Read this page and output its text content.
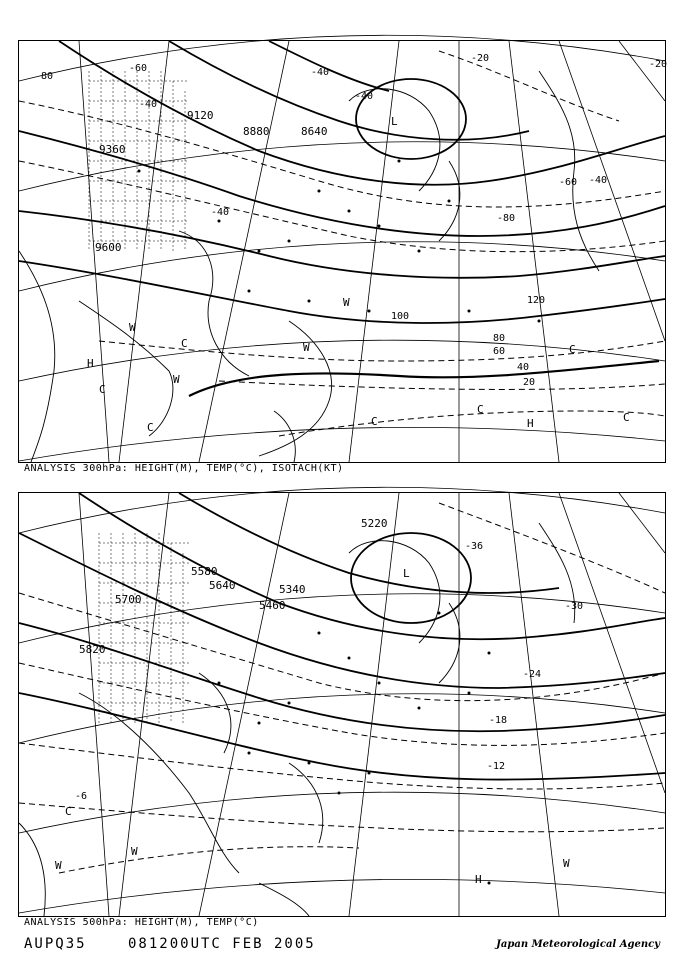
9120
8880	8640
9360
9600
-40
-20
-40
-60 -40
-80
-60
-40
-40
-20
80
120
100
80
60
40
20
L
H
C
W
W
W
C
C	C	H
C
C
W
C
ANALYSIS 300hPa: HEIGHT(M), TEMP(°C), ISOTACH(KT)
5220
5460
5580
5700
5820
5340
5640
-36
-30
-24
-18
-12
-6
L
H
C
W
W
W
ANALYSIS 500hPa: HEIGHT(M), TEMP(°C)
AUPQ35	081200UTC FEB 2005	Japan Meteorological Agency
